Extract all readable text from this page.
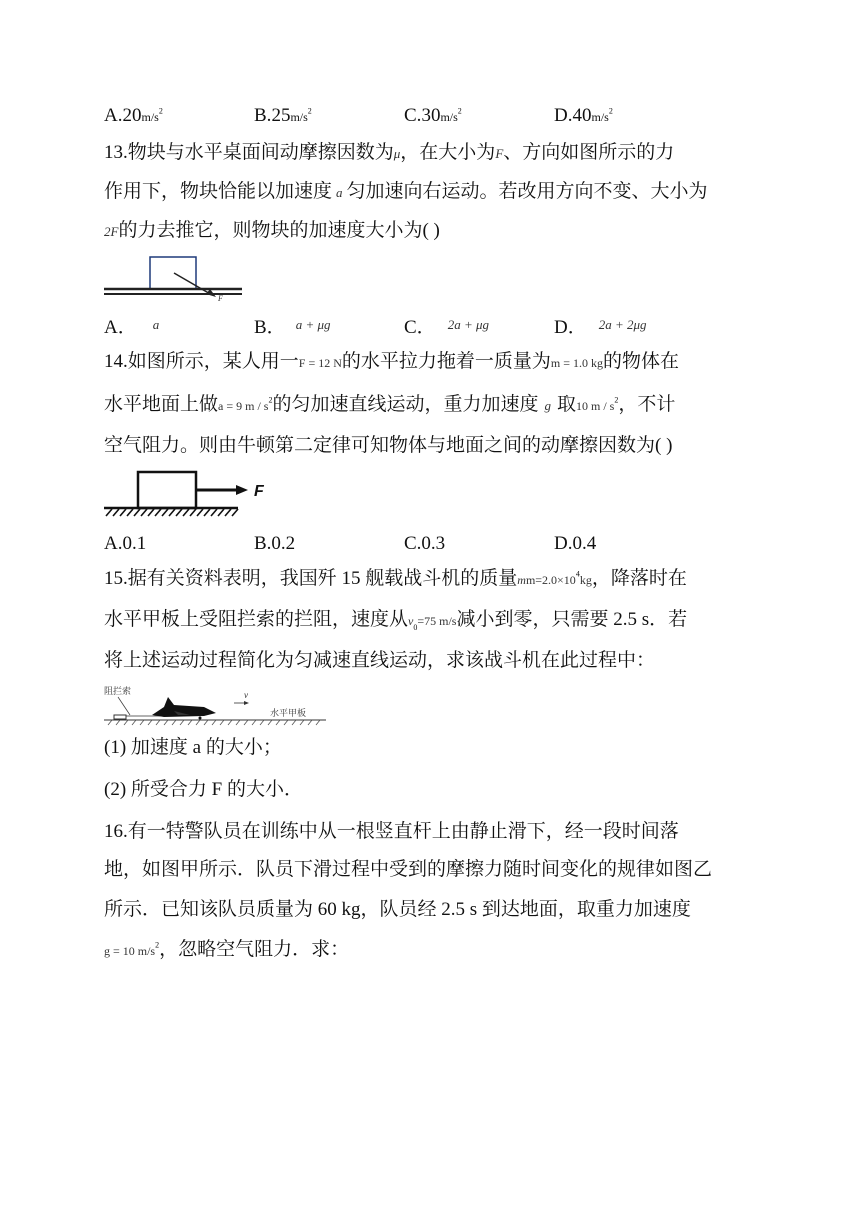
$A.20m/s^2$	$B.25m/s^2$	$C.30m/s^2$	$D.40m/s^2$
13.物块与水平桌面间动摩擦因数为μ，在大小为F、方向如图所示的力
作用下，物块恰能以加速度 a 匀加速向右运动。若改用方向不变、大小为
2F的力去推它，则物块的加速度大小为( )
F
A． $^a$	B． $^{a + \mu g}$	C． $^{2a + \mu g}$	D． $^{2a + 2\mu g}$
14.如图所示，某人用一F = 12 N的水平拉力拖着一质量为m = 1.0 kg的物体在
水平地面上做a = 9 m / $s^2$的匀加速直线运动，重力加速度 g 取10 m / $s^2$，不计
空气阻力。则由牛顿第二定律可知物体与地面之间的动摩擦因数为( )
F
A.0.1	B.0.2	C.0.3	D.0.4
15.据有关资料表明，我国歼 15 舰载战斗机的质量$mm=2.0\times 10^4kg$，降落时在
水平甲板上受阻拦索的拦阻，速度从$v_0=75$ m/s减小到零，只需要 2.5 s．若
将上述运动过程简化为匀减速直线运动，求该战斗机在此过程中：
阻拦索	v
水平甲板
(1) 加速度 a 的大小；
(2) 所受合力 F 的大小．
16.有一特警队员在训练中从一根竖直杆上由静止滑下，经一段时间落
地，如图甲所示．队员下滑过程中受到的摩擦力随时间变化的规律如图乙
所示．已知该队员质量为 60 kg，队员经 2.5 s 到达地面，取重力加速度
g = 10 $m/s^2$，忽略空气阻力．求：
